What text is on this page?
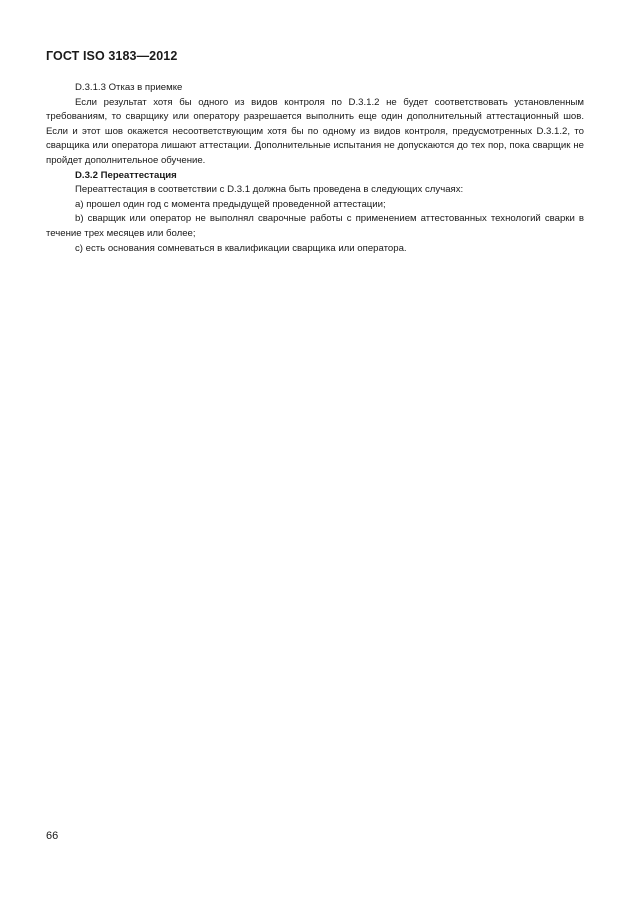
ГОСТ ISO 3183—2012

D.3.1.3 Отказ в приемке

Если результат хотя бы одного из видов контроля по D.3.1.2 не будет соответствовать установленным требованиям, то сварщику или оператору разрешается выполнить еще один дополнительный аттестационный шов. Если и этот шов окажется несоответствующим хотя бы по одному из видов контроля, предусмотренных D.3.1.2, то сварщика или оператора лишают аттестации. Дополнительные испытания не допускаются до тех пор, пока сварщик не пройдет дополнительное обучение.

D.3.2 Переаттестация

Переаттестация в соответствии с D.3.1 должна быть проведена в следующих случаях:

a) прошел один год с момента предыдущей проведенной аттестации;

b) сварщик или оператор не выполнял сварочные работы с применением аттестованных технологий сварки в течение трех месяцев или более;

c) есть основания сомневаться в квалификации сварщика или оператора.

66
